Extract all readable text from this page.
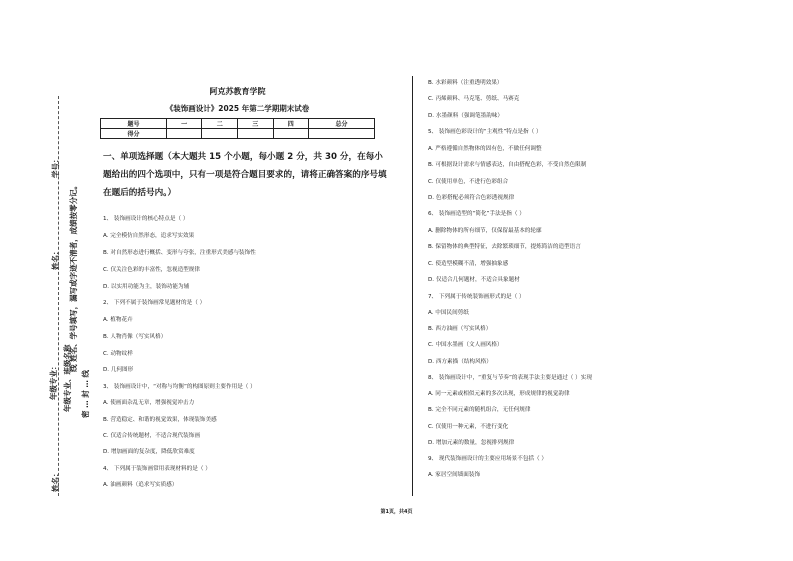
学号：
姓名：
年级专业：
姓名：
年级专业、班级名称
线 姓名、学号填写，漏写或字迹不清者，成绩按零分记。
密 … 封 … 线
阿克苏教育学院
《装饰画设计》2025 年第二学期期末试卷
题号	一	二	三	四	总分
得分					
一、单项选择题（本大题共 15 个小题，每小题 2 分，共 30 分，在每小题给出的四个选项中，只有一项是符合题目要求的，请将正确答案的序号填在题后的括号内。）
1、 装饰画设计的核心特点是（ ）
A. 完全模仿自然形态，追求写实效果
B. 对自然形态进行概括、变形与夸张，注重形式美感与装饰性
C. 仅关注色彩的丰富性，忽视造型规律
D. 以实用功能为主，装饰功能为辅
2、 下列不属于装饰画常见题材的是（ ）
A. 植物花卉
B. 人物肖像（写实风格）
C. 动物纹样
D. 几何图形
3、 装饰画设计中，“对称与均衡”的构图原则主要作用是（ ）
A. 使画面杂乱无章，增强视觉冲击力
B. 营造稳定、和谐的视觉效果，体现装饰美感
C. 仅适合传统题材，不适合现代装饰画
D. 增加画面的复杂度，降低欣赏难度
4、 下列属于装饰画常用表现材料的是（ ）
A. 油画颜料（追求写实质感）
B. 水彩颜料（注重透明效果）
C. 丙烯颜料、马克笔、剪纸、马赛克
D. 水墨颜料（强调笔墨韵味）
5、 装饰画色彩设计的“主观性”特点是指（ ）
A. 严格遵循自然物体的固有色，不做任何调整
B. 可根据设计需求与情感表达，自由搭配色彩，不受自然色限制
C. 仅使用单色，不进行色彩组合
D. 色彩搭配必须符合色彩透视规律
6、 装饰画造型的“简化”手法是指（ ）
A. 删除物体的所有细节，仅保留最基本的轮廓
B. 保留物体的典型特征，去除繁琐细节，提炼简洁的造型语言
C. 使造型模糊不清，增强抽象感
D. 仅适合几何题材，不适合具象题材
7、 下列属于传统装饰画形式的是（ ）
A. 中国民间剪纸
B. 西方油画（写实风格）
C. 中国水墨画（文人画风格）
D. 西方素描（结构风格）
8、 装饰画设计中，“重复与节奏”的表现手法主要是通过（ ）实现
A. 同一元素或相似元素的多次出现，形成规律的视觉韵律
B. 完全不同元素的随机组合，无任何规律
C. 仅使用一种元素，不进行变化
D. 增加元素的数量，忽视排列规律
9、 现代装饰画设计的主要应用场景不包括（ ）
A. 家居空间墙面装饰
第1页，共4页
